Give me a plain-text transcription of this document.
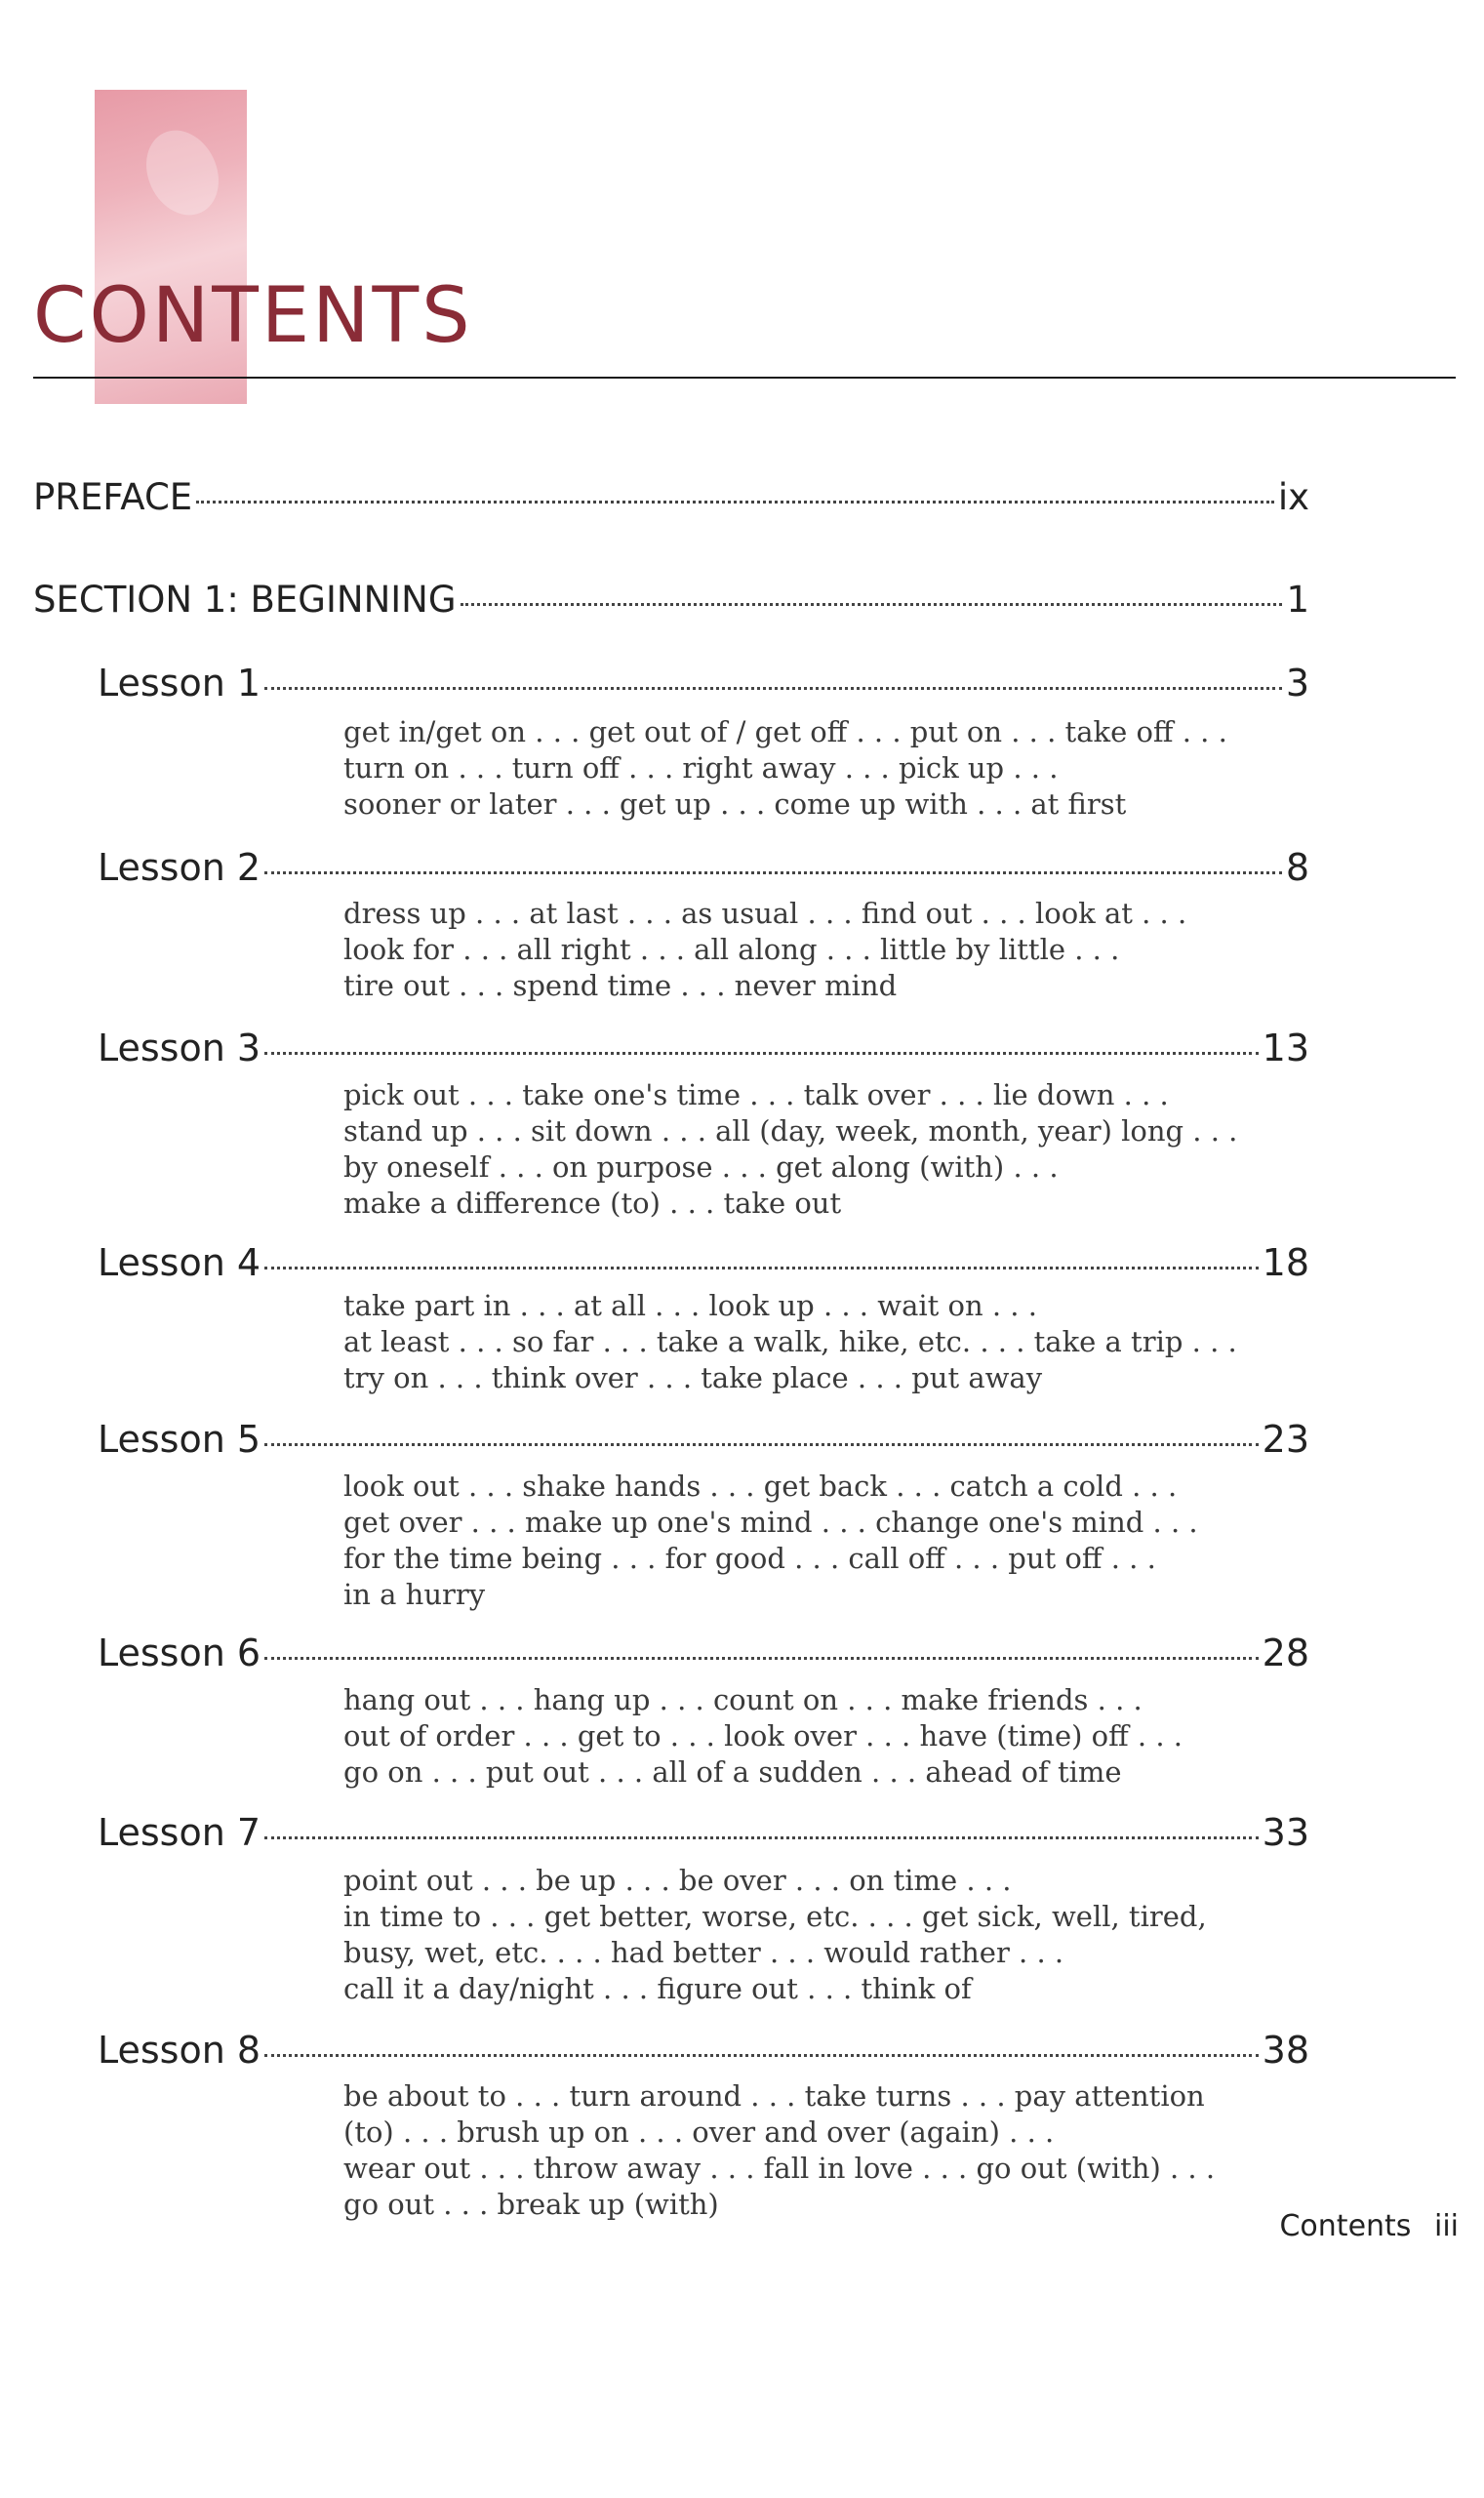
CONTENTS
PREFACE	ix
SECTION 1: BEGINNING	1
Lesson 1	3
get in/get on . . . get out of / get off . . . put on . . . take off . . .
turn on . . . turn off . . . right away . . . pick up . . .
sooner or later . . . get up . . . come up with . . . at first
Lesson 2	8
dress up . . . at last . . . as usual . . . find out . . . look at . . .
look for . . . all right . . . all along . . . little by little . . .
tire out . . . spend time . . . never mind
Lesson 3	13
pick out . . . take one's time . . . talk over . . . lie down . . .
stand up . . . sit down . . . all (day, week, month, year) long . . .
by oneself . . . on purpose . . . get along (with) . . .
make a difference (to) . . . take out
Lesson 4	18
take part in . . . at all . . . look up . . . wait on . . .
at least . . . so far . . . take a walk, hike, etc. . . . take a trip . . .
try on . . . think over . . . take place . . . put away
Lesson 5	23
look out . . . shake hands . . . get back . . . catch a cold . . .
get over . . . make up one's mind . . . change one's mind . . .
for the time being . . . for good . . . call off . . . put off . . .
in a hurry
Lesson 6	28
hang out . . . hang up . . . count on . . . make friends . . .
out of order . . . get to . . . look over . . . have (time) off . . .
go on . . . put out . . . all of a sudden . . . ahead of time
Lesson 7	33
point out . . . be up . . . be over . . . on time . . .
in time to . . . get better, worse, etc. . . . get sick, well, tired,
busy, wet, etc. . . . had better . . . would rather . . .
call it a day/night . . . figure out . . . think of
Lesson 8	38
be about to . . . turn around . . . take turns . . . pay attention
(to) . . . brush up on . . . over and over (again) . . .
wear out . . . throw away . . . fall in love . . . go out (with) . . .
go out . . . break up (with)
Contents iii
